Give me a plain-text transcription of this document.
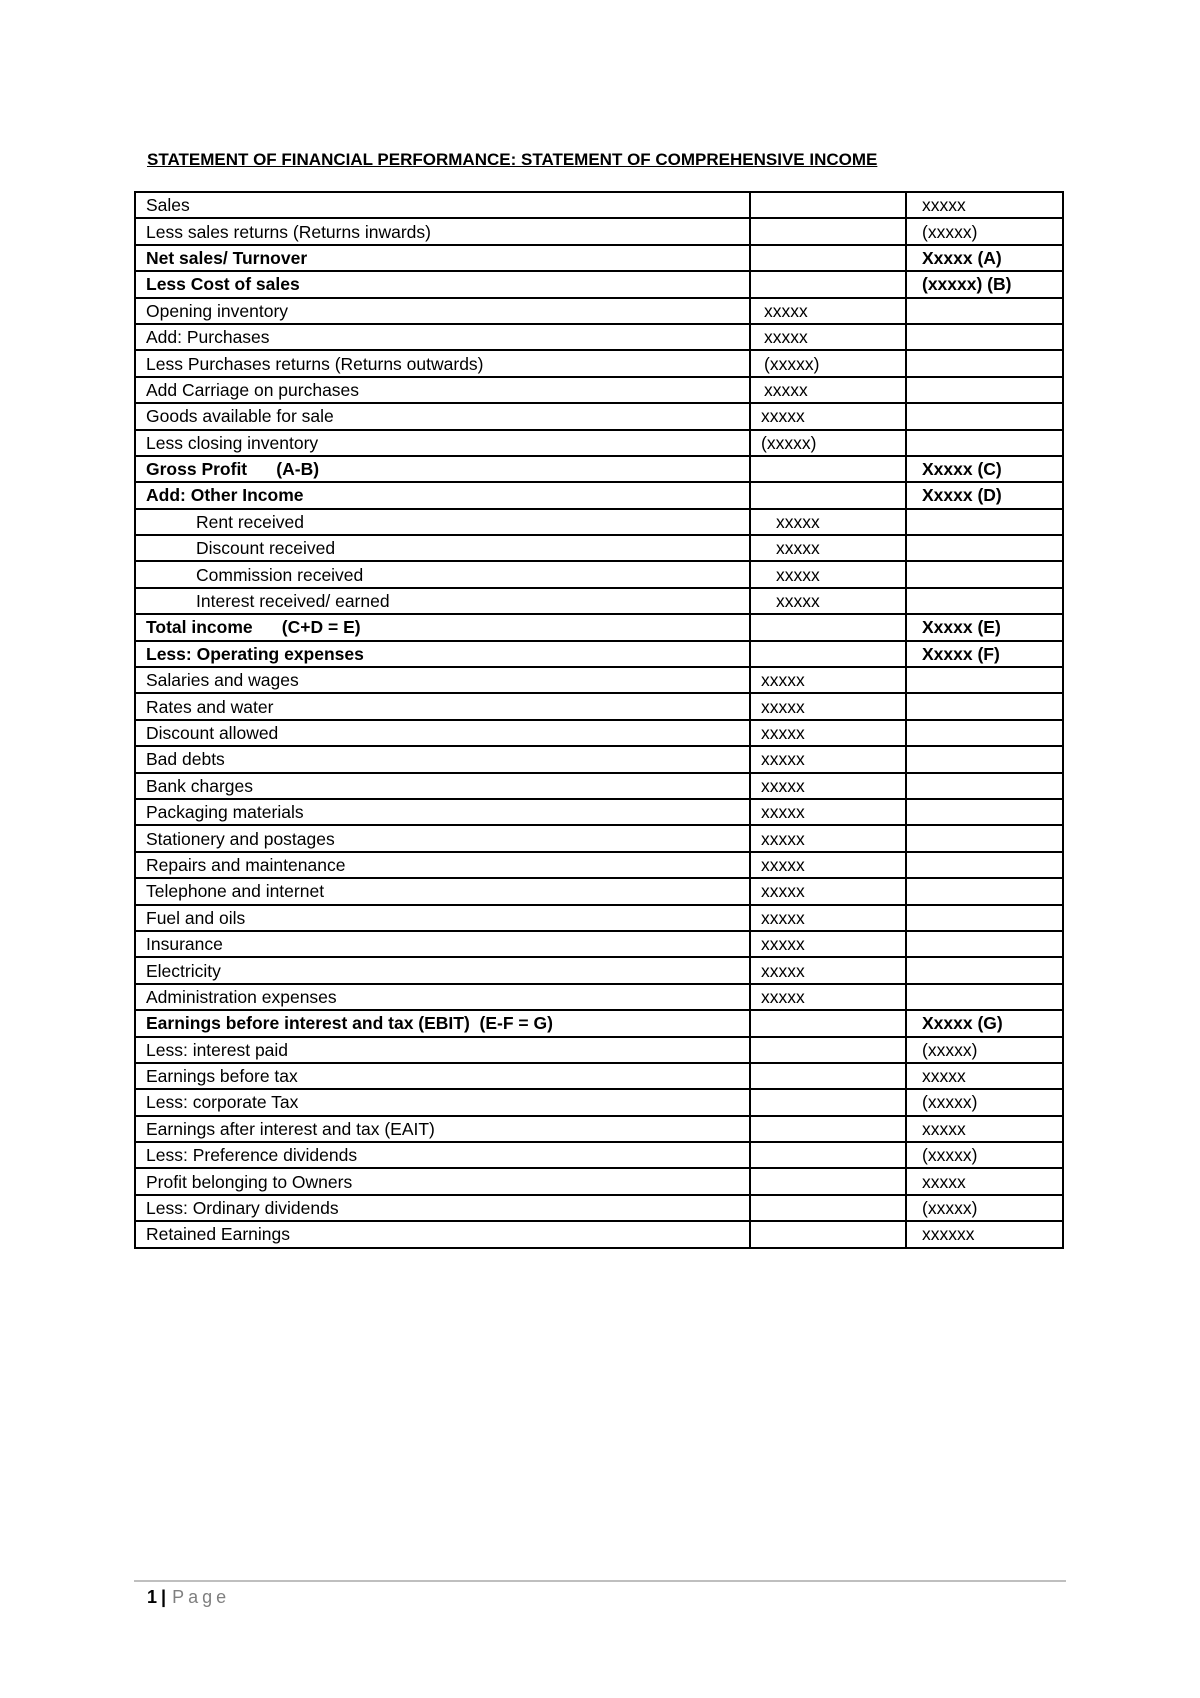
STATEMENT OF FINANCIAL PERFORMANCE: STATEMENT OF COMPREHENSIVE INCOME
Sales		xxxxx
Less sales returns (Returns inwards)		(xxxxx)
Net sales/ Turnover		Xxxxx (A)
Less Cost of sales		(xxxxx) (B)
Opening inventory	xxxxx	
Add: Purchases	xxxxx	
Less Purchases returns (Returns outwards)	(xxxxx)	
Add Carriage on purchases	xxxxx	
Goods available for sale	xxxxx	
Less closing inventory	(xxxxx)	
Gross Profit      (A-B)		Xxxxx (C)
Add: Other Income		Xxxxx (D)
Rent received	xxxxx	
Discount received	xxxxx	
Commission received	xxxxx	
Interest received/ earned	xxxxx	
Total income      (C+D = E)		Xxxxx (E)
Less: Operating expenses		Xxxxx (F)
Salaries and wages	xxxxx	
Rates and water	xxxxx	
Discount allowed	xxxxx	
Bad debts	xxxxx	
Bank charges	xxxxx	
Packaging materials	xxxxx	
Stationery and postages	xxxxx	
Repairs and maintenance	xxxxx	
Telephone and internet	xxxxx	
Fuel and oils	xxxxx	
Insurance	xxxxx	
Electricity	xxxxx	
Administration expenses	xxxxx	
Earnings before interest and tax (EBIT)  (E-F = G)		Xxxxx (G)
Less: interest paid		(xxxxx)
Earnings before tax		xxxxx
Less: corporate Tax		(xxxxx)
Earnings after interest and tax (EAIT)		xxxxx
Less: Preference dividends		(xxxxx)
Profit belonging to Owners		xxxxx
Less: Ordinary dividends		(xxxxx)
Retained Earnings		xxxxxx
1 | Page
